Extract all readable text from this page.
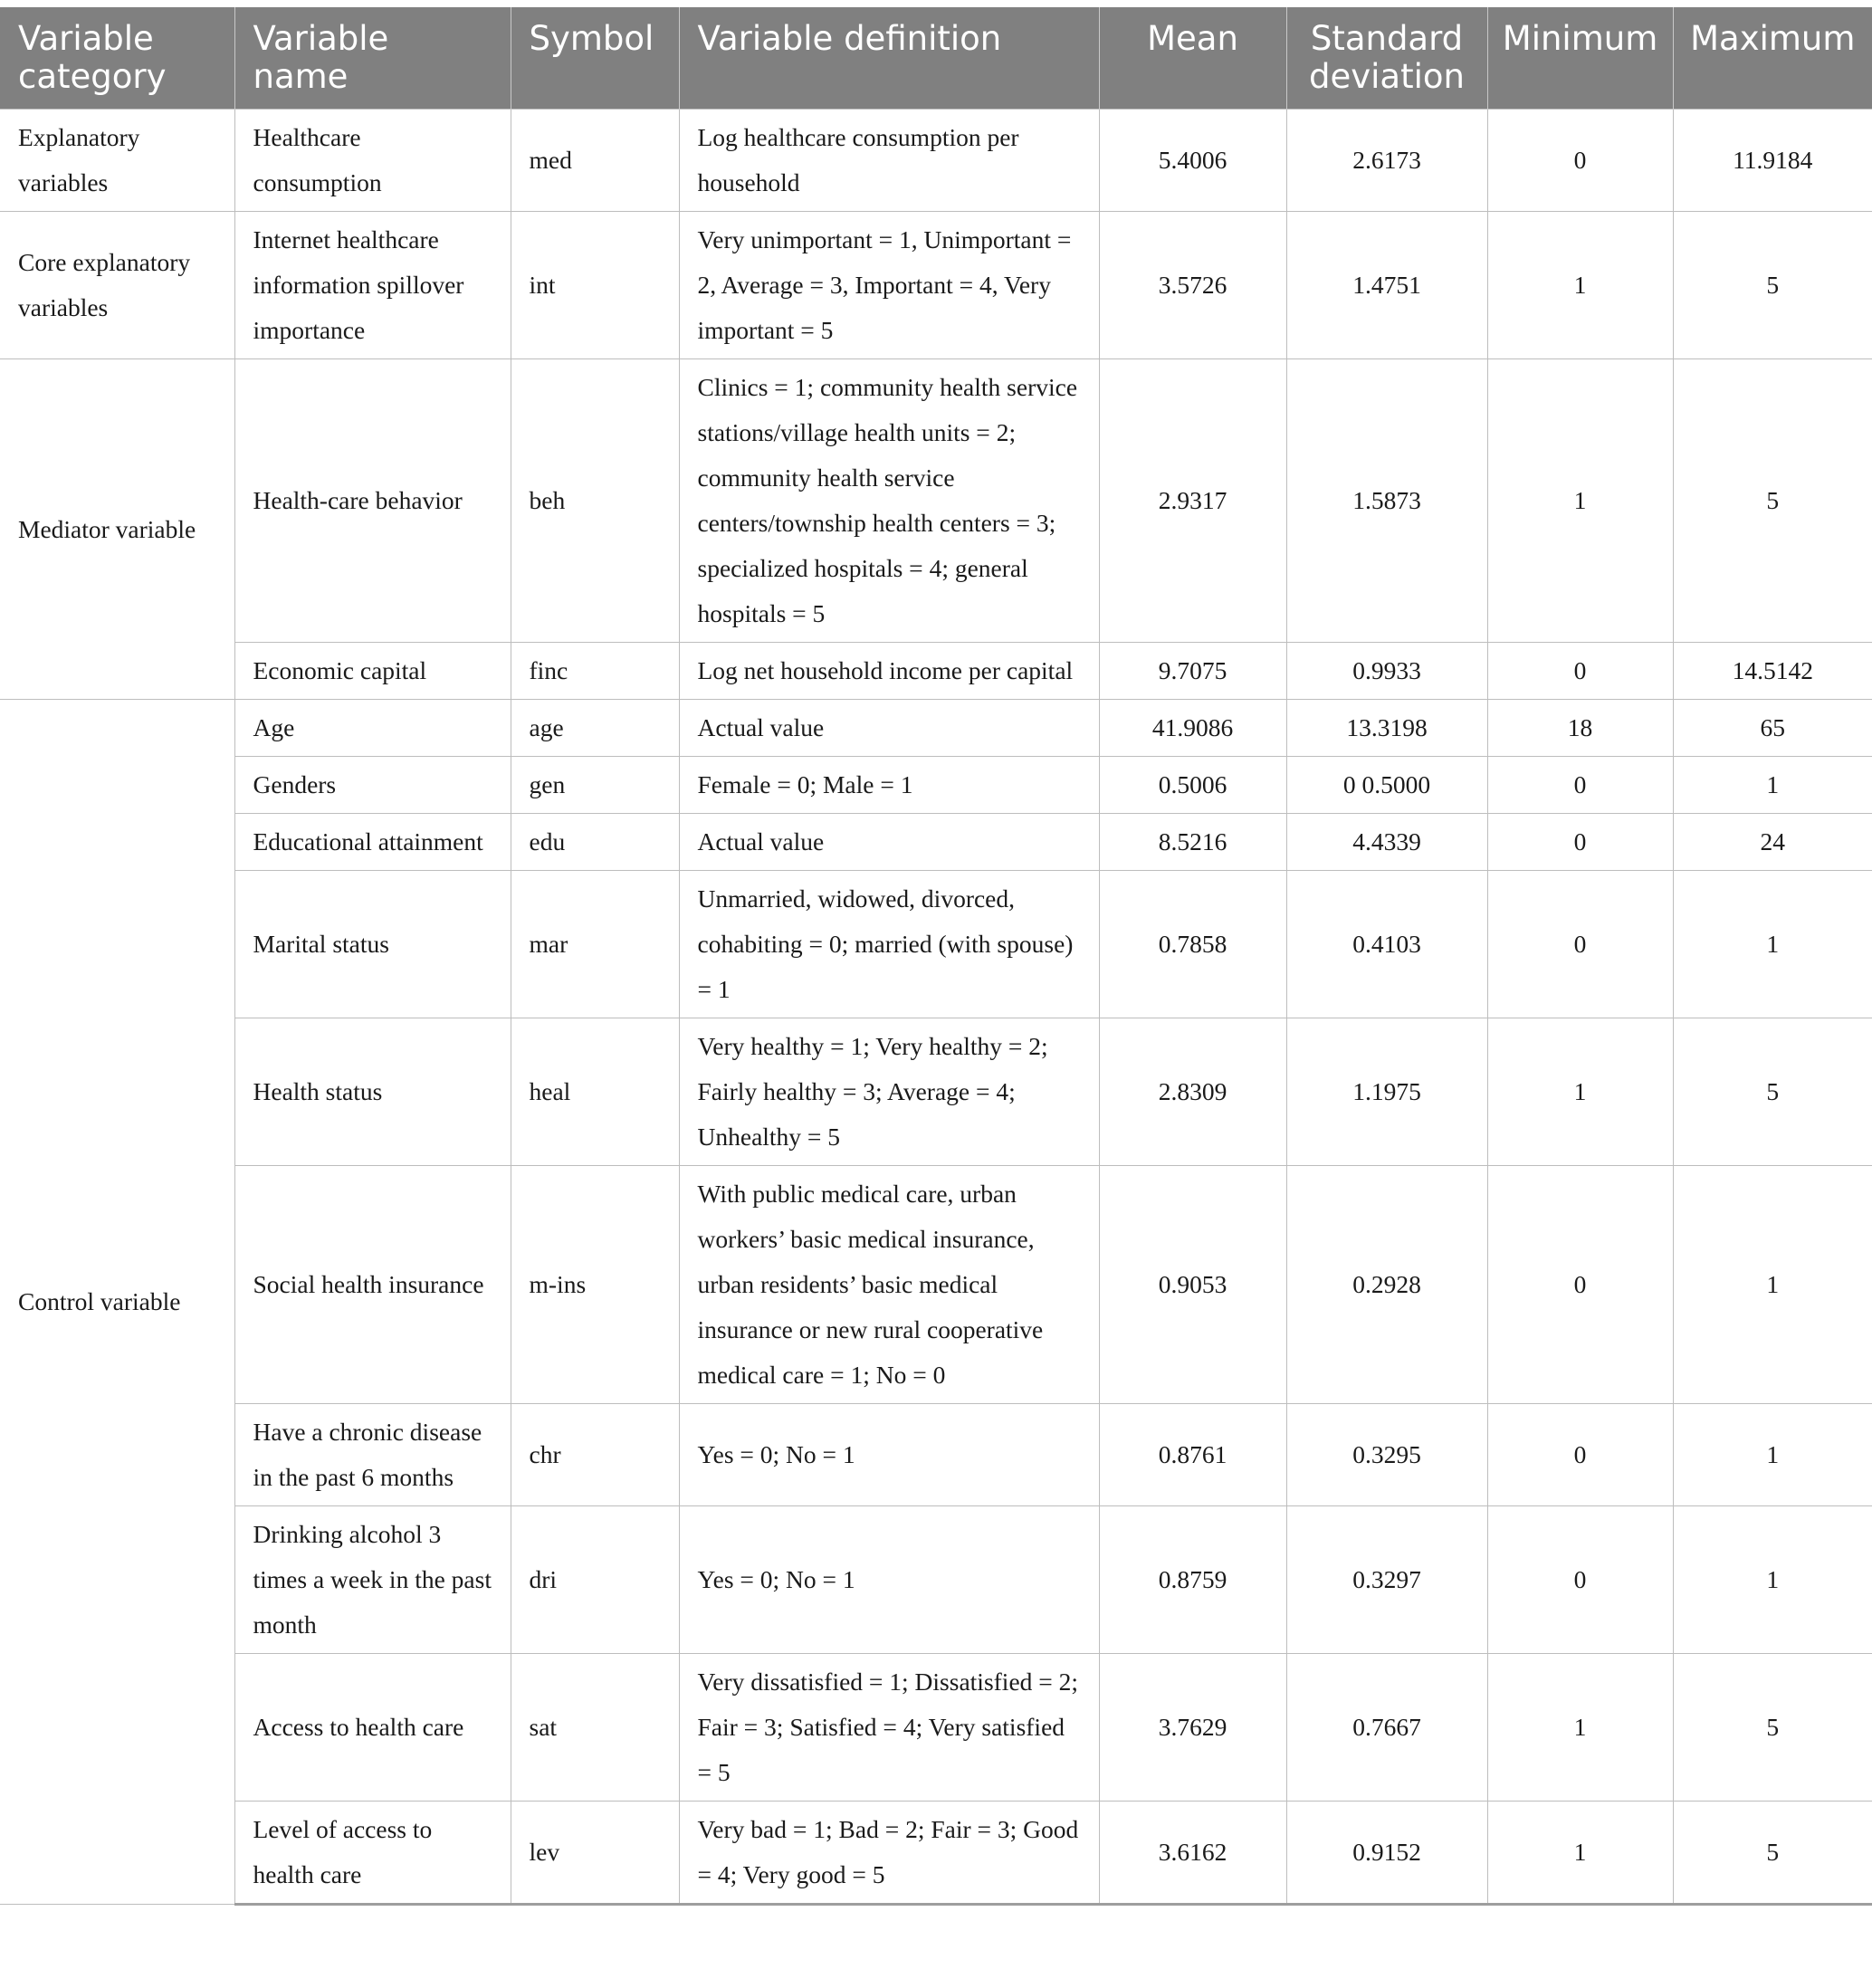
Variable category	Variable name	Symbol	Variable definition	Mean	Standard deviation	Minimum	Maximum
Explanatory variables	Healthcare consumption	med	Log healthcare consumption per household	5.4006	2.6173	0	11.9184
Core explanatory variables	Internet healthcare information spillover importance	int	Very unimportant = 1, Unimportant = 2, Average = 3, Important = 4, Very important = 5	3.5726	1.4751	1	5
Mediator variable	Health-care behavior	beh	Clinics = 1; community health service stations/village health units = 2; community health service centers/township health centers = 3; specialized hospitals = 4; general hospitals = 5	2.9317	1.5873	1	5
	Economic capital	finc	Log net household income per capital	9.7075	0.9933	0	14.5142
Control variable	Age	age	Actual value	41.9086	13.3198	18	65
	Genders	gen	Female = 0; Male = 1	0.5006	0 0.5000	0	1
	Educational attainment	edu	Actual value	8.5216	4.4339	0	24
	Marital status	mar	Unmarried, widowed, divorced, cohabiting = 0; married (with spouse) = 1	0.7858	0.4103	0	1
	Health status	heal	Very healthy = 1; Very healthy = 2; Fairly healthy = 3; Average = 4; Unhealthy = 5	2.8309	1.1975	1	5
	Social health insurance	m-ins	With public medical care, urban workers’ basic medical insurance, urban residents’ basic medical insurance or new rural cooperative medical care = 1; No = 0	0.9053	0.2928	0	1
	Have a chronic disease in the past 6 months	chr	Yes = 0; No = 1	0.8761	0.3295	0	1
	Drinking alcohol 3 times a week in the past month	dri	Yes = 0; No = 1	0.8759	0.3297	0	1
	Access to health care	sat	Very dissatisfied = 1; Dissatisfied = 2; Fair = 3; Satisfied = 4; Very satisfied = 5	3.7629	0.7667	1	5
	Level of access to health care	lev	Very bad = 1; Bad = 2; Fair = 3; Good = 4; Very good = 5	3.6162	0.9152	1	5
